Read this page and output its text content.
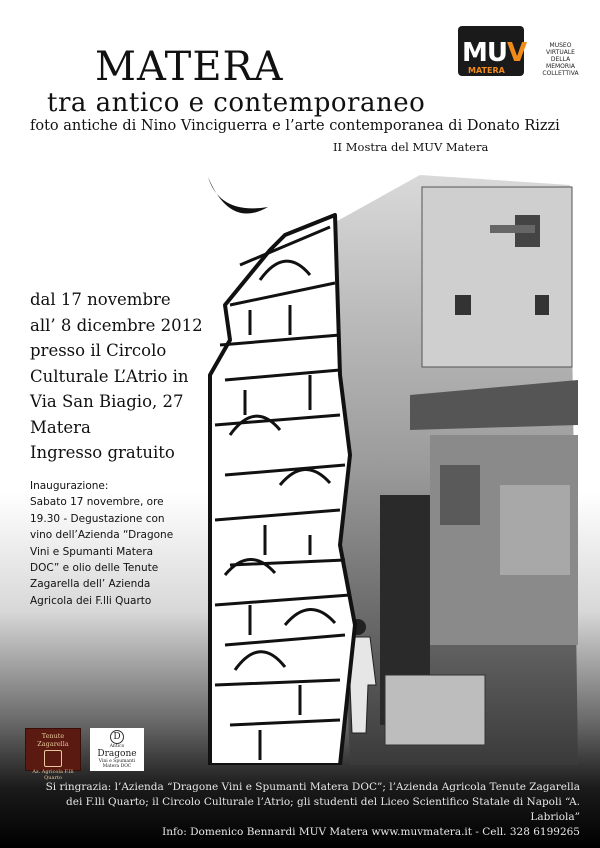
MATERA
tra antico e contemporaneo
foto antiche di Nino Vinciguerra e l’arte contemporanea di Donato Rizzi
II Mostra del MUV Matera
MUV
MATERA
MUSEO
VIRTUALE
DELLA
MEMORIA
COLLETTIVA
dal 17 novembre
all’ 8 dicembre 2012
presso il Circolo
Culturale L’Atrio in
Via San Biagio, 27
Matera
Ingresso gratuito
Inaugurazione:
Sabato 17 novembre, ore
19.30 - Degustazione con
vino dell’Azienda “Dragone
Vini e Spumanti Matera
DOC” e olio delle Tenute
Zagarella dell’ Azienda
Agricola dei F.lli Quarto
Tenute Zagarella
Az. Agricola F.lli Quarto
D
Antico
Dragone
Vini e Spumanti Matera DOC
Si ringrazia: l’Azienda “Dragone Vini e Spumanti Matera DOC”; l’Azienda Agricola Tenute Zagarella
dei F.lli Quarto; il Circolo Culturale l’Atrio; gli studenti del Liceo Scientifico Statale di Napoli “A. Labriola”
Info: Domenico Bennardi MUV Matera www.muvmatera.it - Cell. 328 6199265
